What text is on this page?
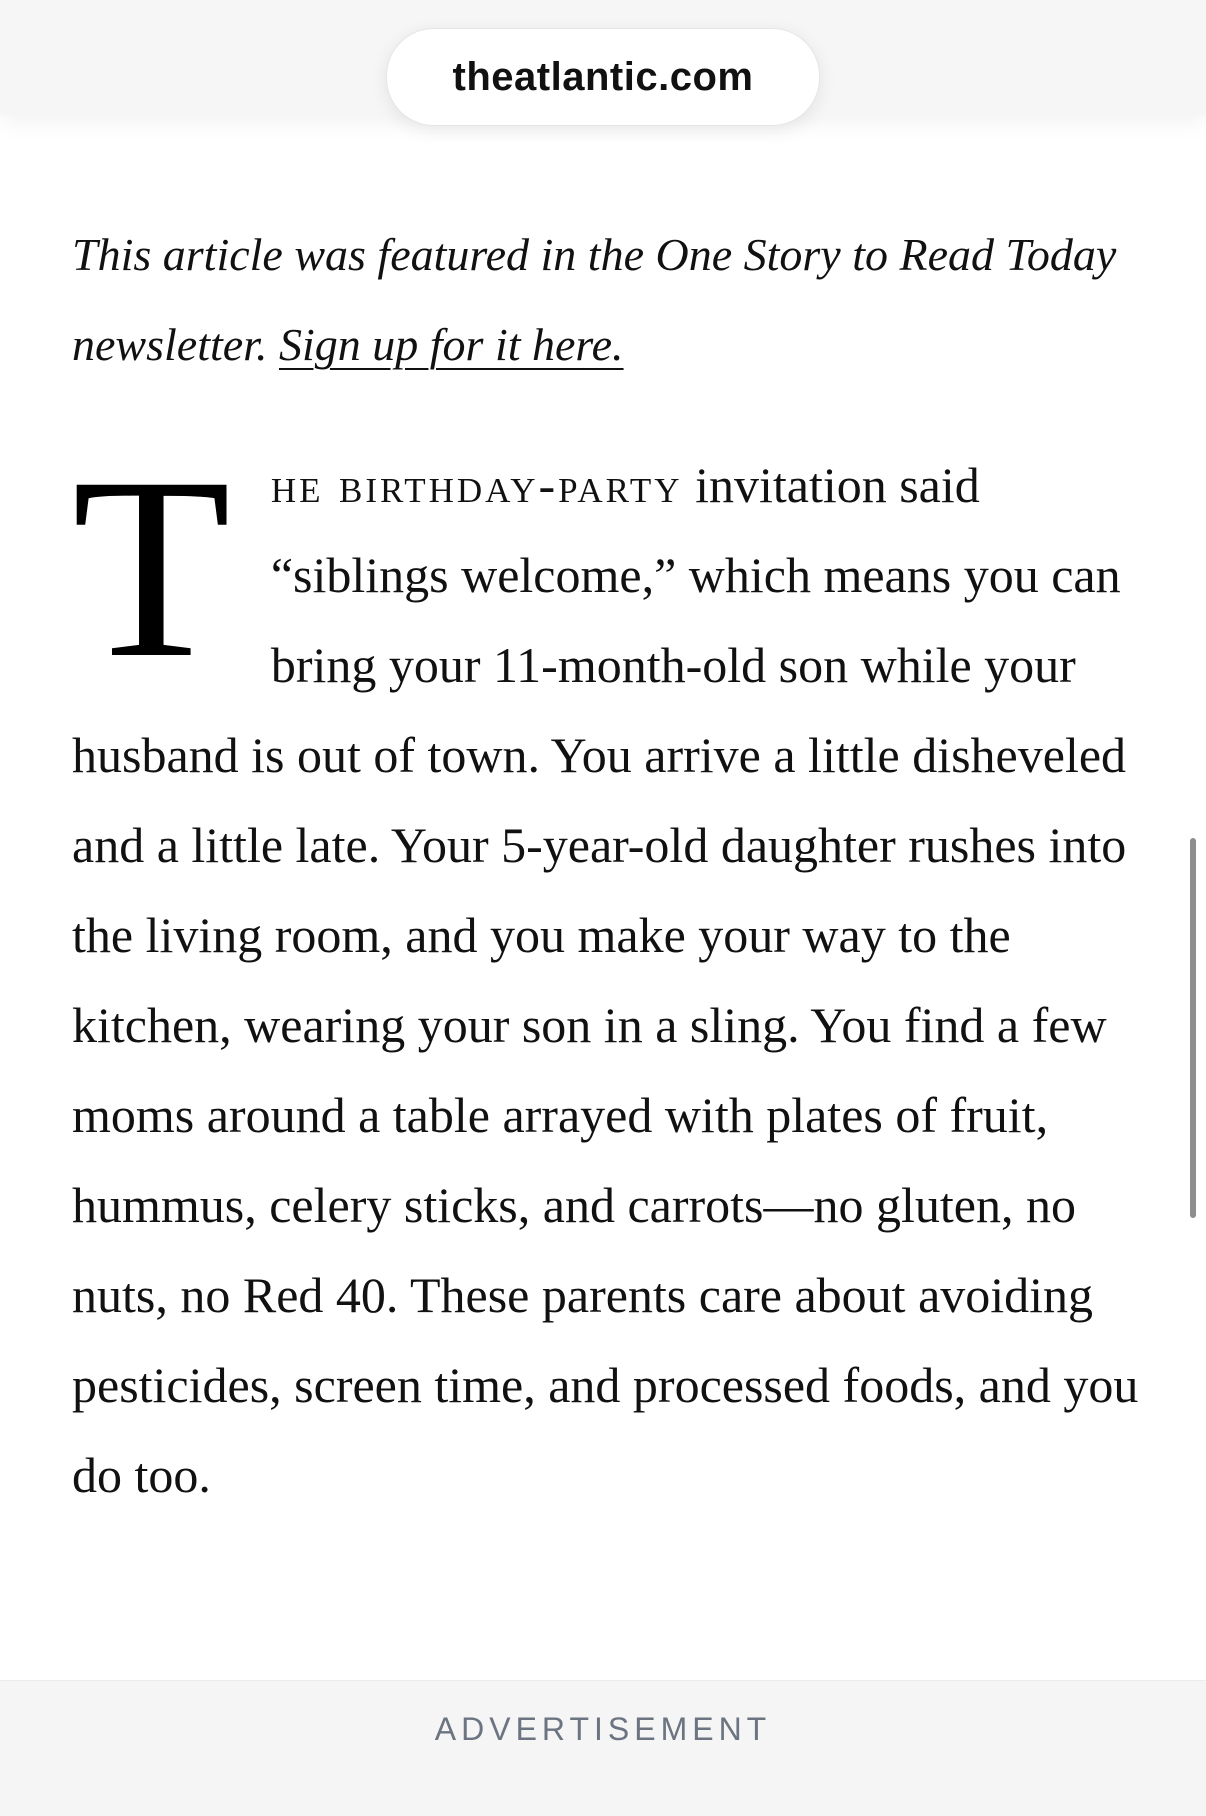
theatlantic.com

This article was featured in the One Story to Read Today newsletter. Sign up for it here.

The birthday-party invitation said “siblings welcome,” which means you can bring your 11-month-old son while your husband is out of town. You arrive a little disheveled and a little late. Your 5-year-old daughter rushes into the living room, and you make your way to the kitchen, wearing your son in a sling. You find a few moms around a table arrayed with plates of fruit, hummus, celery sticks, and carrots—no gluten, no nuts, no Red 40. These parents care about avoiding pesticides, screen time, and processed foods, and you do too.
ADVERTISEMENT
